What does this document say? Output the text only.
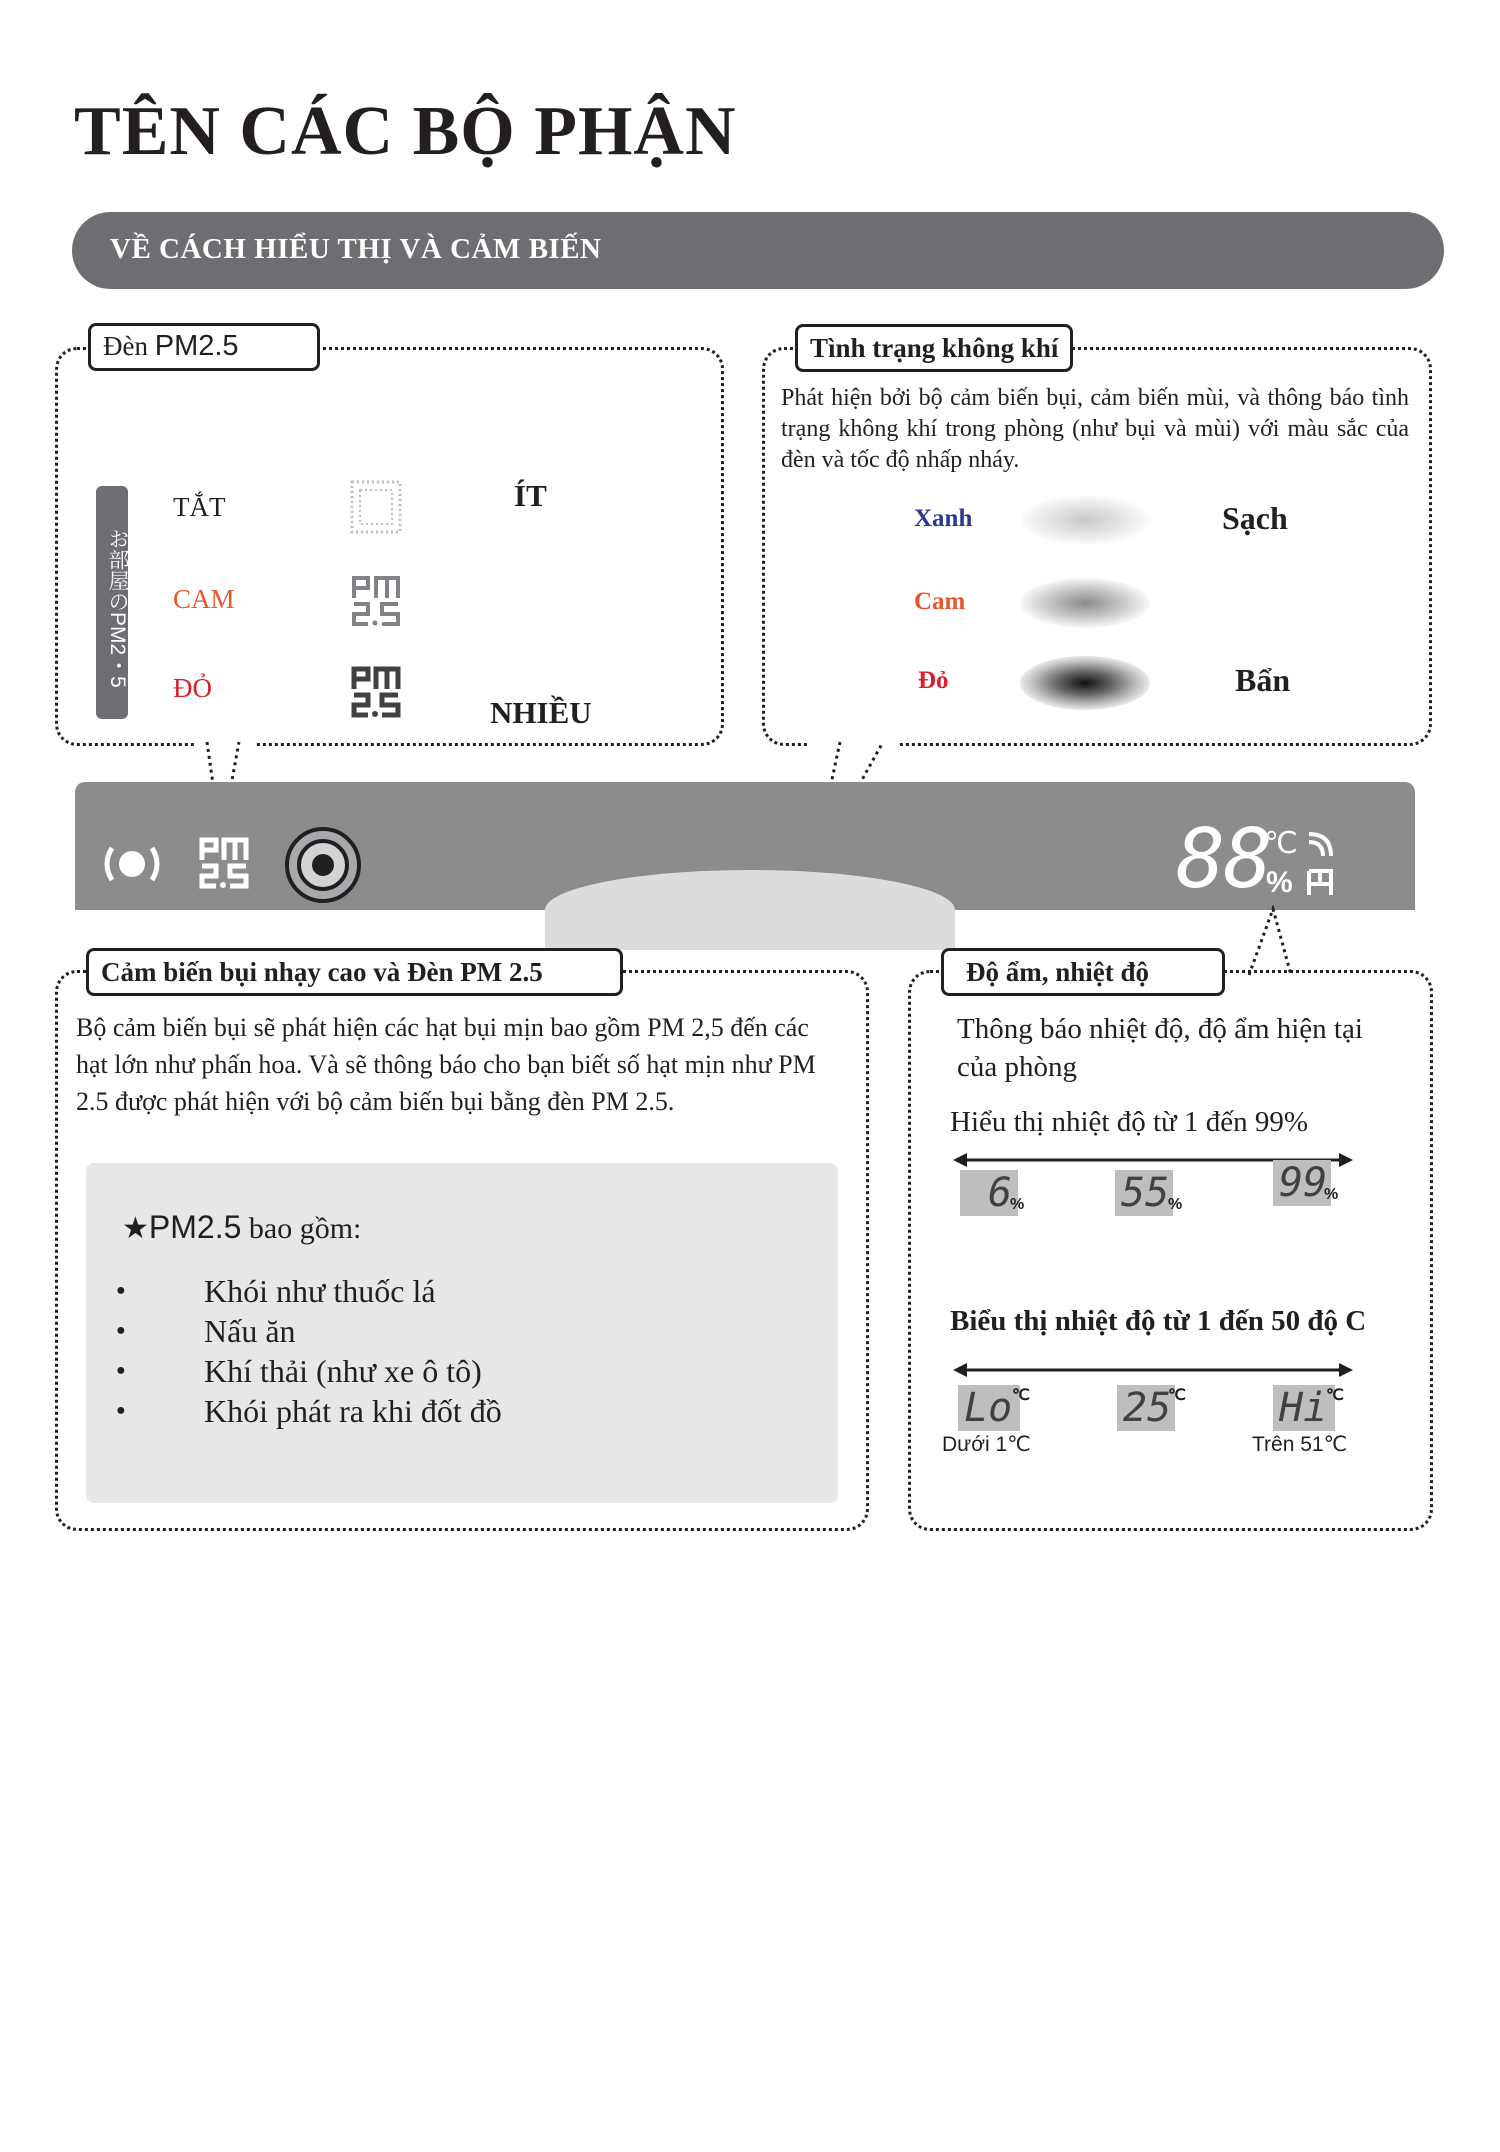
TÊN CÁC BỘ PHẬN
VỀ CÁCH HIỂU THỊ VÀ CẢM BIẾN
Đèn PM2.5
お部屋のPM2・5
TẮT
CAM
ĐỎ
ÍT
NHIỀU
Tình trạng không khí
Phát hiện bởi bộ cảm biến bụi, cảm biến mùi, và thông báo tình trạng không khí trong phòng (như bụi và mùi) với màu sắc của đèn và tốc độ nhấp nháy.
Xanh
Cam
Đỏ
Sạch
Bẩn
88
℃
%
Cảm biến bụi nhạy cao và Đèn PM 2.5
Bộ cảm biến bụi sẽ phát hiện các hạt bụi mịn bao gồm PM 2,5 đến các hạt lớn như phấn hoa. Và sẽ thông báo cho bạn biết số hạt mịn như PM 2.5 được phát hiện với bộ cảm biến bụi bằng đèn PM 2.5.
★PM2.5 bao gồm:
● Khói như thuốc lá
● Nấu ăn
● Khí thải (như xe ô tô)
● Khói phát ra khi đốt đồ
Độ ẩm, nhiệt độ
Thông báo nhiệt độ, độ ẩm hiện tại của phòng
Hiểu thị nhiệt độ từ 1 đến 99%
6
% 55
% 99
%
Biểu thị nhiệt độ từ 1 đến 50 độ C
Lo ℃
Dưới 1℃
25
℃ Hi
℃
Trên 51℃
